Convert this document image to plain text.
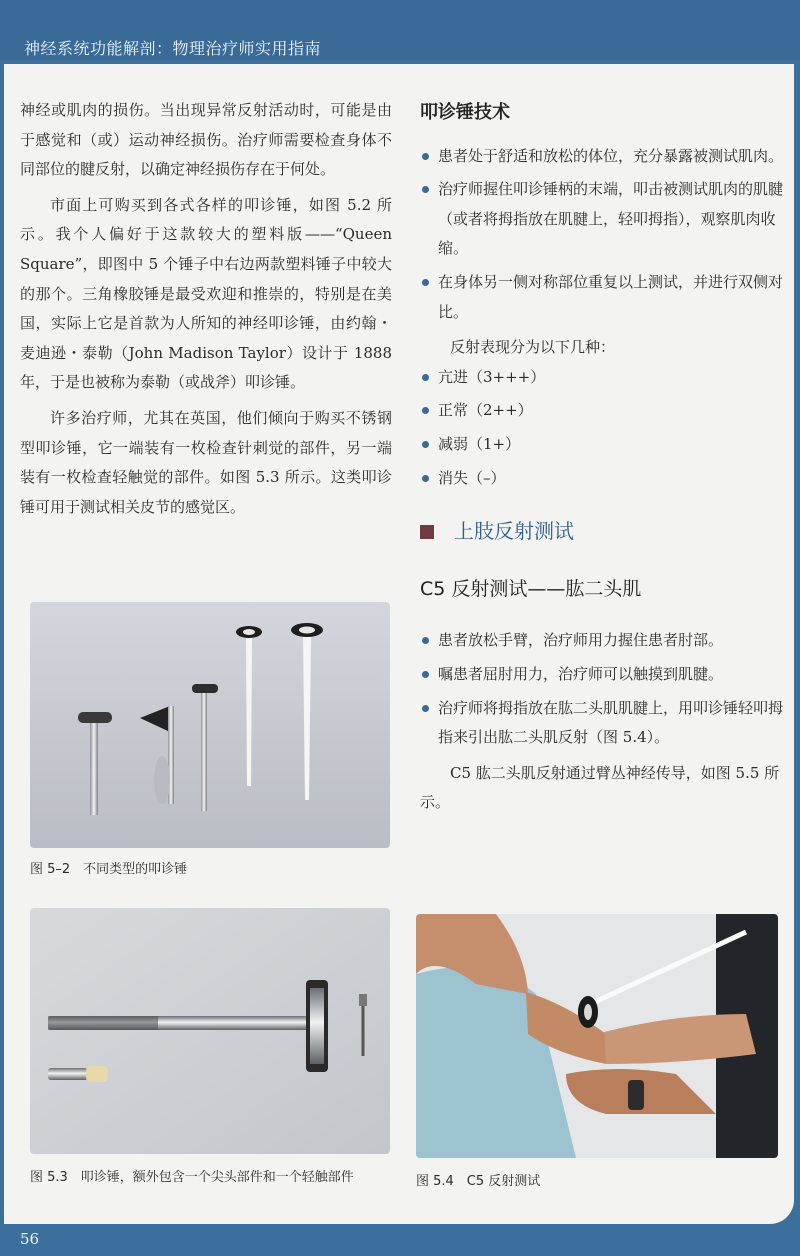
神经系统功能解剖：物理治疗师实用指南

神经或肌肉的损伤。当出现异常反射活动时，可能是由于感觉和（或）运动神经损伤。治疗师需要检查身体不同部位的腱反射，以确定神经损伤存在于何处。

市面上可购买到各式各样的叩诊锤，如图 5.2 所示。我个人偏好于这款较大的塑料版——“Queen Square”，即图中 5 个锤子中右边两款塑料锤子中较大的那个。三角橡胶锤是最受欢迎和推崇的，特别是在美国，实际上它是首款为人所知的神经叩诊锤，由约翰・麦迪逊・泰勒（John Madison Taylor）设计于 1888 年，于是也被称为泰勒（或战斧）叩诊锤。

许多治疗师，尤其在英国，他们倾向于购买不锈钢型叩诊锤，它一端装有一枚检查针刺觉的部件，另一端装有一枚检查轻触觉的部件。如图 5.3 所示。这类叩诊锤可用于测试相关皮节的感觉区。

叩诊锤技术
患者处于舒适和放松的体位，充分暴露被测试肌肉。
治疗师握住叩诊锤柄的末端，叩击被测试肌肉的肌腱（或者将拇指放在肌腱上，轻叩拇指），观察肌肉收缩。
在身体另一侧对称部位重复以上测试，并进行双侧对比。

反射表现分为以下几种：

亢进（3+++）
正常（2++）
减弱（1+）
消失（–）
上肢反射测试
C5 反射测试——肱二头肌
患者放松手臂，治疗师用力握住患者肘部。
嘱患者屈肘用力，治疗师可以触摸到肌腱。
治疗师将拇指放在肱二头肌肌腱上，用叩诊锤轻叩拇指来引出肱二头肌反射（图 5.4）。

C5 肱二头肌反射通过臂丛神经传导，如图 5.5 所示。

图 5–2　不同类型的叩诊锤
图 5.3　叩诊锤，额外包含一个尖头部件和一个轻触部件	图 5.4　C5 反射测试
56
